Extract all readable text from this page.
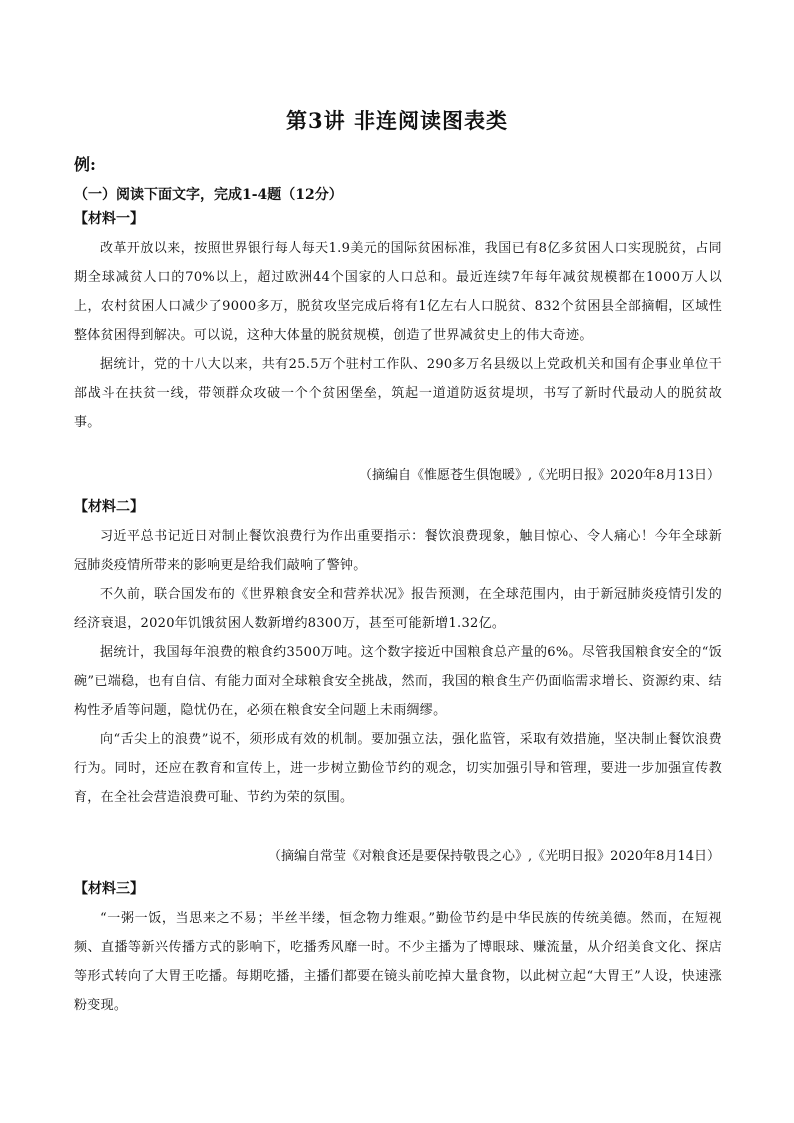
第3讲 非连阅读图表类
例:
（一）阅读下面文字，完成1-4题（12分）
【材料一】
改革开放以来，按照世界银行每人每天1.9美元的国际贫困标准，我国已有8亿多贫困人口实现脱贫，占同期全球减贫人口的70%以上，超过欧洲44个国家的人口总和。最近连续7年每年减贫规模都在1000万人以上，农村贫困人口减少了9000多万，脱贫攻坚完成后将有1亿左右人口脱贫、832个贫困县全部摘帽，区域性整体贫困得到解决。可以说，这种大体量的脱贫规模，创造了世界减贫史上的伟大奇迹。
据统计，党的十八大以来，共有25.5万个驻村工作队、290多万名县级以上党政机关和国有企事业单位干部战斗在扶贫一线，带领群众攻破一个个贫困堡垒，筑起一道道防返贫堤坝，书写了新时代最动人的脱贫故事。
（摘编自《惟愿苍生俱饱暖》,《光明日报》2020年8月13日）
【材料二】
习近平总书记近日对制止餐饮浪费行为作出重要指示：餐饮浪费现象，触目惊心、令人痛心！今年全球新冠肺炎疫情所带来的影响更是给我们敲响了警钟。
不久前，联合国发布的《世界粮食安全和营养状况》报告预测，在全球范围内，由于新冠肺炎疫情引发的经济衰退，2020年饥饿贫困人数新增约8300万，甚至可能新增1.32亿。
据统计，我国每年浪费的粮食约3500万吨。这个数字接近中国粮食总产量的6%。尽管我国粮食安全的“饭碗”已端稳，也有自信、有能力面对全球粮食安全挑战，然而，我国的粮食生产仍面临需求增长、资源约束、结构性矛盾等问题，隐忧仍在，必须在粮食安全问题上未雨绸缪。
向“舌尖上的浪费”说不，须形成有效的机制。要加强立法，强化监管，采取有效措施，坚决制止餐饮浪费行为。同时，还应在教育和宣传上，进一步树立勤俭节约的观念，切实加强引导和管理，要进一步加强宣传教育，在全社会营造浪费可耻、节约为荣的氛围。
（摘编自常莹《对粮食还是要保持敬畏之心》,《光明日报》2020年8月14日）
【材料三】
“一粥一饭，当思来之不易；半丝半缕，恒念物力维艰。”勤俭节约是中华民族的传统美德。然而，在短视频、直播等新兴传播方式的影响下，吃播秀风靡一时。不少主播为了博眼球、赚流量，从介绍美食文化、探店等形式转向了大胃王吃播。每期吃播，主播们都要在镜头前吃掉大量食物，以此树立起“大胃王”人设，快速涨粉变现。
